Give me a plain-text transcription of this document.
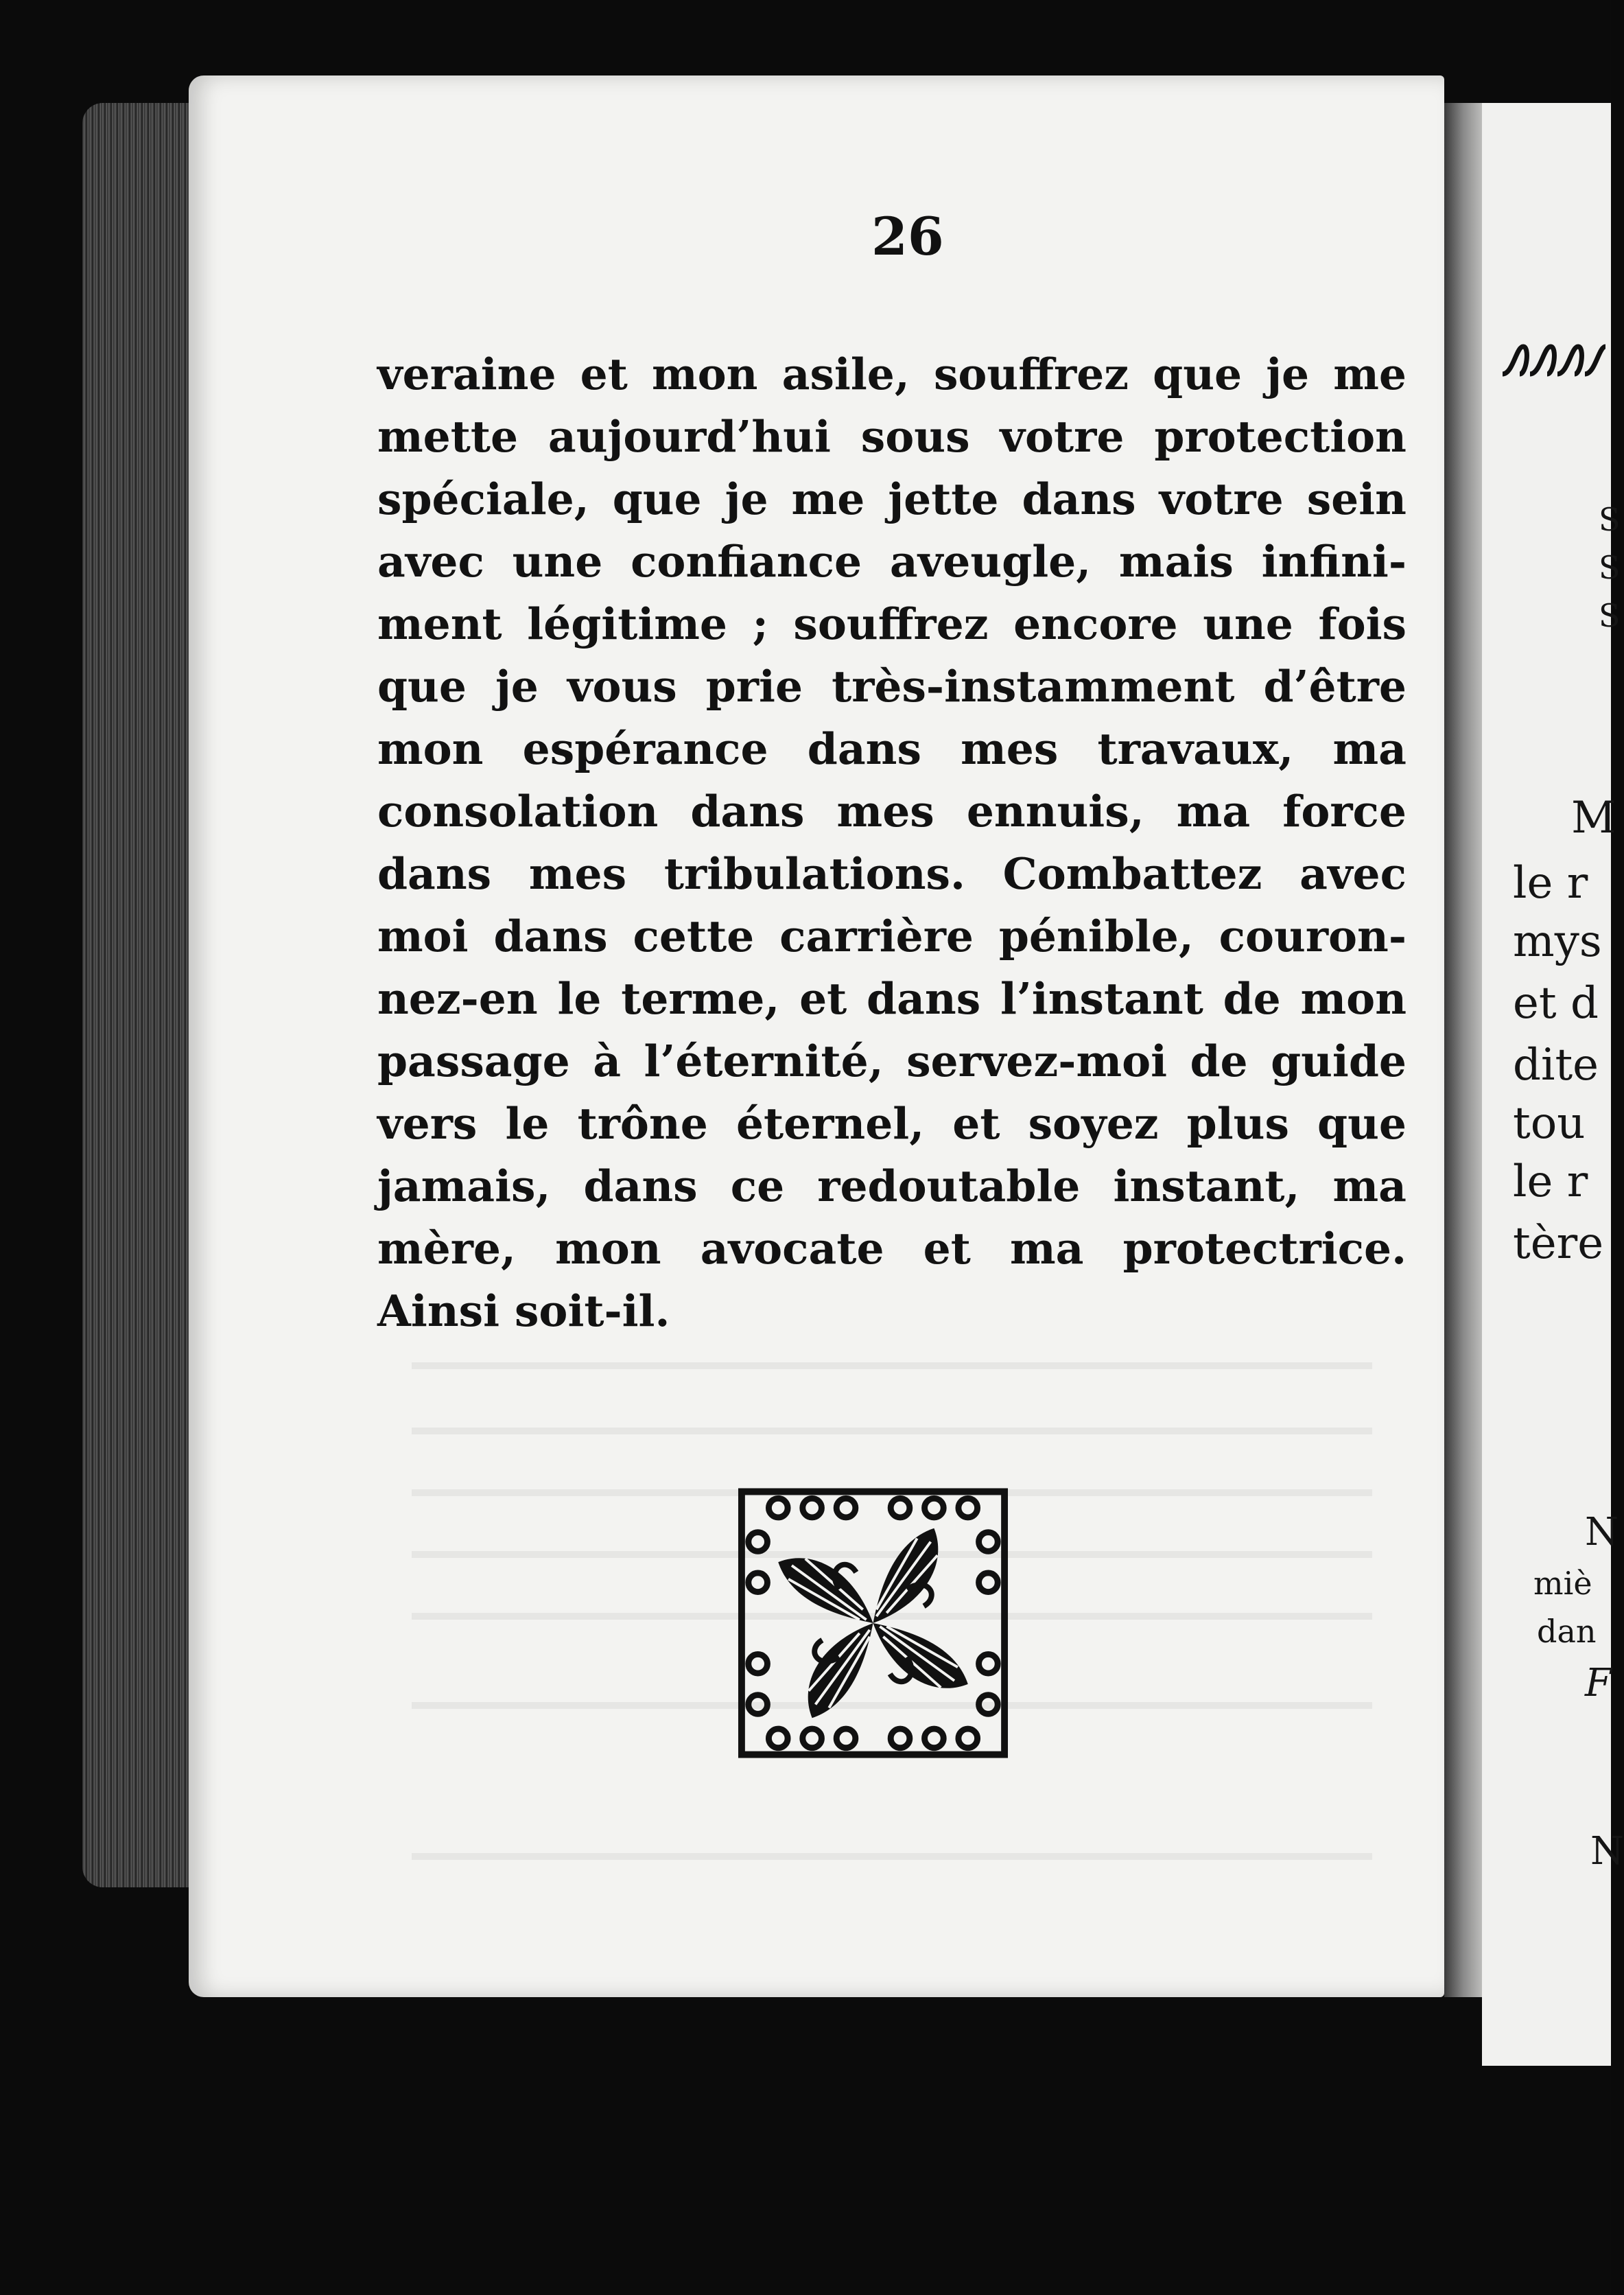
26
veraine et mon asile, souffrez que je me
mette aujourd’hui sous votre protection
spéciale, que je me jette dans votre sein
avec une confiance aveugle, mais infini-
ment légitime ; souffrez encore une fois
que je vous prie très-instamment d’être
mon espérance dans mes travaux, ma
consolation dans mes ennuis, ma force
dans mes tribulations. Combattez avec
moi dans cette carrière pénible, couron-
nez-en le terme, et dans l’instant de mon
passage à l’éternité, servez-moi de guide
vers le trône éternel, et soyez plus que
jamais, dans ce redoutable instant, ma
mère, mon avocate et ma protectrice.
Ainsi soit-il.
S
S
S
M
le r
mys
et d
dite
tou
le r
tère
N
miè
dan
F
N
